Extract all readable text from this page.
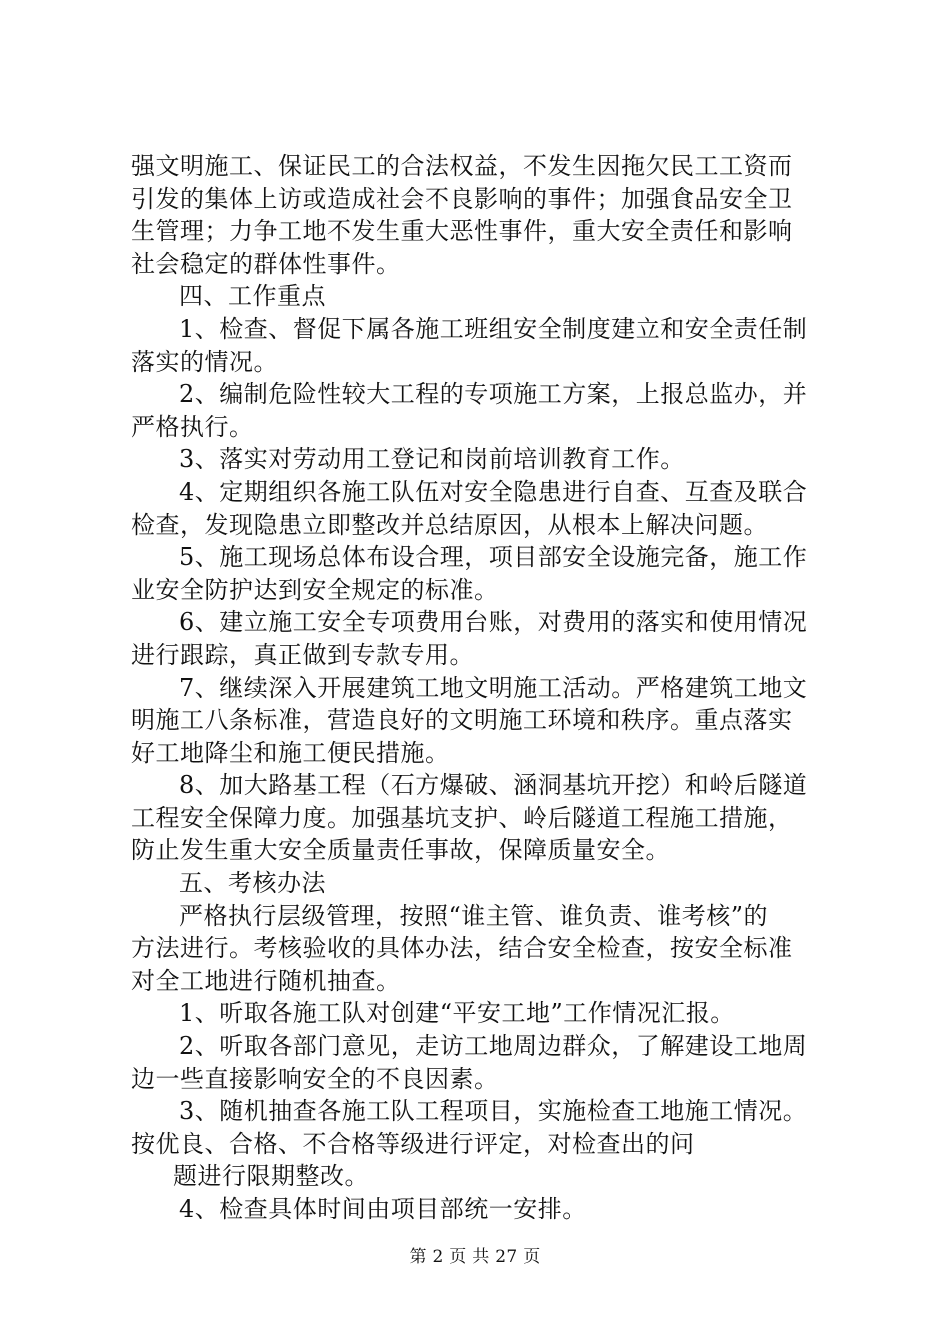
强文明施工、保证民工的合法权益，不发生因拖欠民工工资而
引发的集体上访或造成社会不良影响的事件；加强食品安全卫
生管理；力争工地不发生重大恶性事件，重大安全责任和影响
社会稳定的群体性事件。
四、工作重点
1、检查、督促下属各施工班组安全制度建立和安全责任制
落实的情况。
2、编制危险性较大工程的专项施工方案，上报总监办，并
严格执行。
3、落实对劳动用工登记和岗前培训教育工作。
4、定期组织各施工队伍对安全隐患进行自查、互查及联合
检查，发现隐患立即整改并总结原因，从根本上解决问题。
5、施工现场总体布设合理，项目部安全设施完备，施工作
业安全防护达到安全规定的标准。
6、建立施工安全专项费用台账，对费用的落实和使用情况
进行跟踪，真正做到专款专用。
7、继续深入开展建筑工地文明施工活动。严格建筑工地文
明施工八条标准，营造良好的文明施工环境和秩序。重点落实
好工地降尘和施工便民措施。
8、加大路基工程（石方爆破、涵洞基坑开挖）和岭后隧道
工程安全保障力度。加强基坑支护、岭后隧道工程施工措施，
防止发生重大安全质量责任事故，保障质量安全。
五、考核办法
严格执行层级管理，按照“谁主管、谁负责、谁考核”的
方法进行。考核验收的具体办法，结合安全检查，按安全标准
对全工地进行随机抽查。
1、听取各施工队对创建“平安工地”工作情况汇报。
2、听取各部门意见，走访工地周边群众，了解建设工地周
边一些直接影响安全的不良因素。
3、随机抽查各施工队工程项目，实施检查工地施工情况。
按优良、合格、不合格等级进行评定，对检查出的问
题进行限期整改。
4、检查具体时间由项目部统一安排。
第 2 页 共 27 页
